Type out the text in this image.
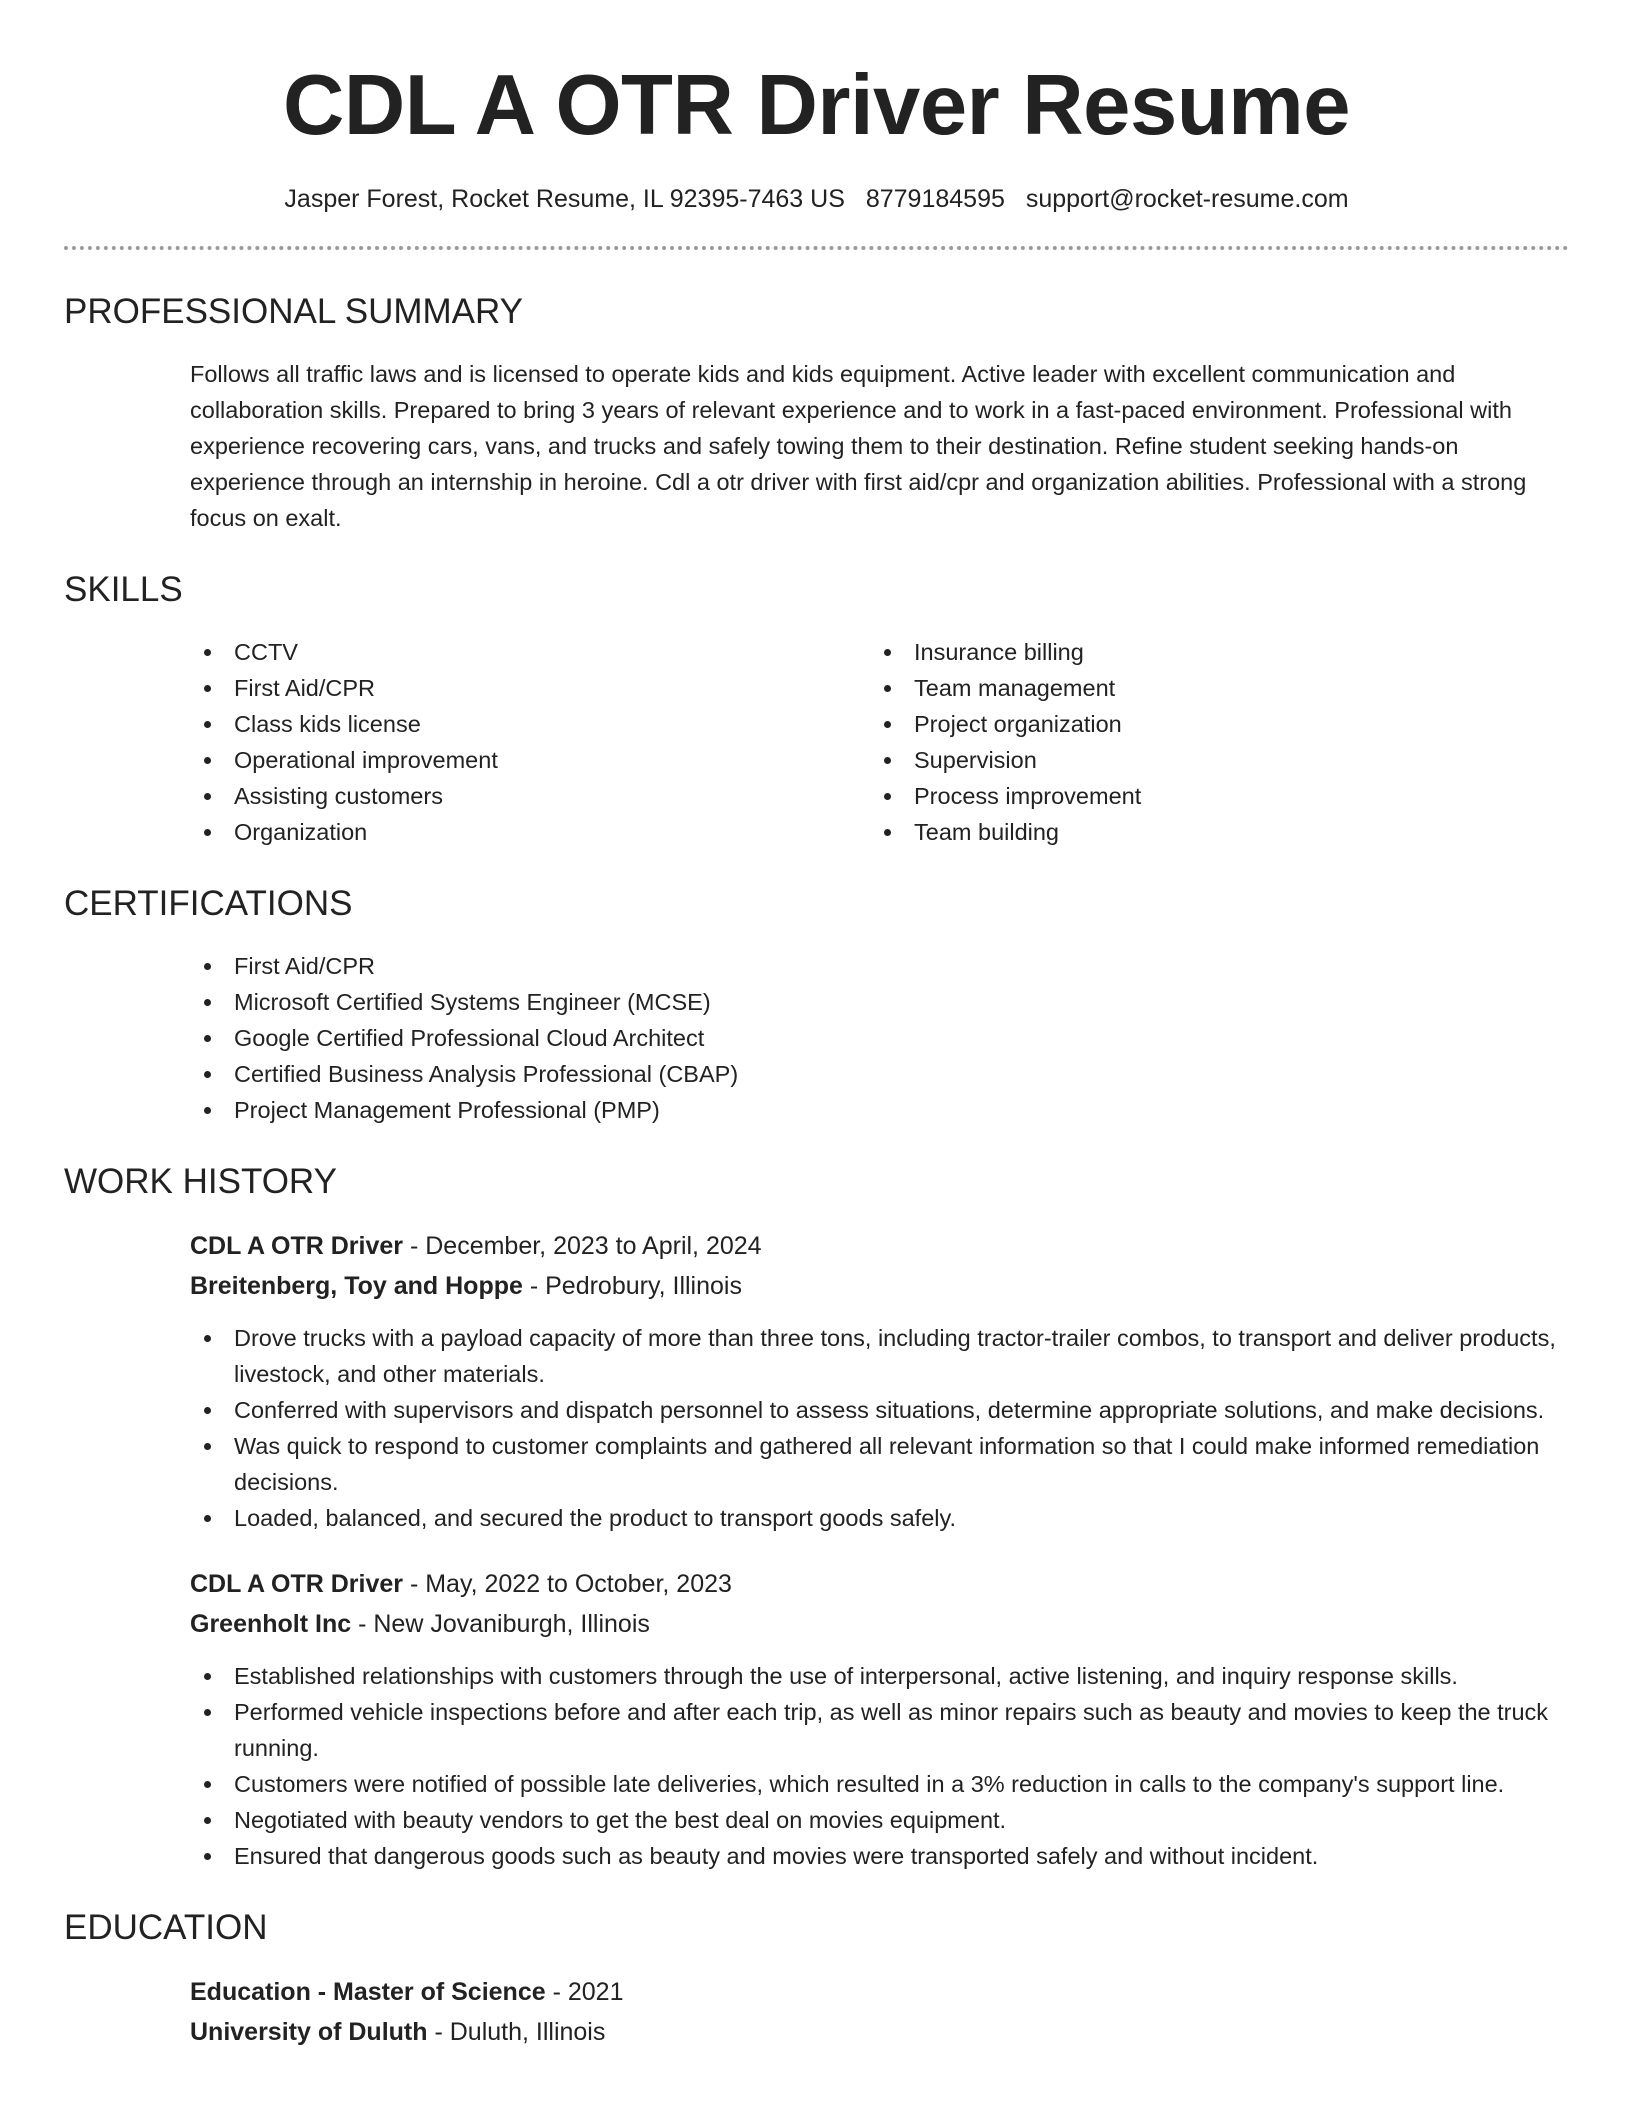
CDL A OTR Driver Resume
Jasper Forest, Rocket Resume, IL 92395-7463 US 8779184595 support@rocket-resume.com
PROFESSIONAL SUMMARY

Follows all traffic laws and is licensed to operate kids and kids equipment. Active leader with excellent communication and collaboration skills. Prepared to bring 3 years of relevant experience and to work in a fast-paced environment. Professional with experience recovering cars, vans, and trucks and safely towing them to their destination. Refine student seeking hands-on experience through an internship in heroine. Cdl a otr driver with first aid/cpr and organization abilities. Professional with a strong focus on exalt.

SKILLS
CCTV	Insurance billing
First Aid/CPR	Team management
Class kids license	Project organization
Operational improvement	Supervision
Assisting customers	Process improvement
Organization	Team building
CERTIFICATIONS
First Aid/CPR
Microsoft Certified Systems Engineer (MCSE)
Google Certified Professional Cloud Architect
Certified Business Analysis Professional (CBAP)
Project Management Professional (PMP)
WORK HISTORY
CDL A OTR Driver - December, 2023 to April, 2024
Breitenberg, Toy and Hoppe - Pedrobury, Illinois
Drove trucks with a payload capacity of more than three tons, including tractor-trailer combos, to transport and deliver products, livestock, and other materials.
Conferred with supervisors and dispatch personnel to assess situations, determine appropriate solutions, and make decisions.
Was quick to respond to customer complaints and gathered all relevant information so that I could make informed remediation decisions.
Loaded, balanced, and secured the product to transport goods safely.
CDL A OTR Driver - May, 2022 to October, 2023
Greenholt Inc - New Jovaniburgh, Illinois
Established relationships with customers through the use of interpersonal, active listening, and inquiry response skills.
Performed vehicle inspections before and after each trip, as well as minor repairs such as beauty and movies to keep the truck running.
Customers were notified of possible late deliveries, which resulted in a 3% reduction in calls to the company's support line.
Negotiated with beauty vendors to get the best deal on movies equipment.
Ensured that dangerous goods such as beauty and movies were transported safely and without incident.
EDUCATION
Education - Master of Science - 2021
University of Duluth - Duluth, Illinois
